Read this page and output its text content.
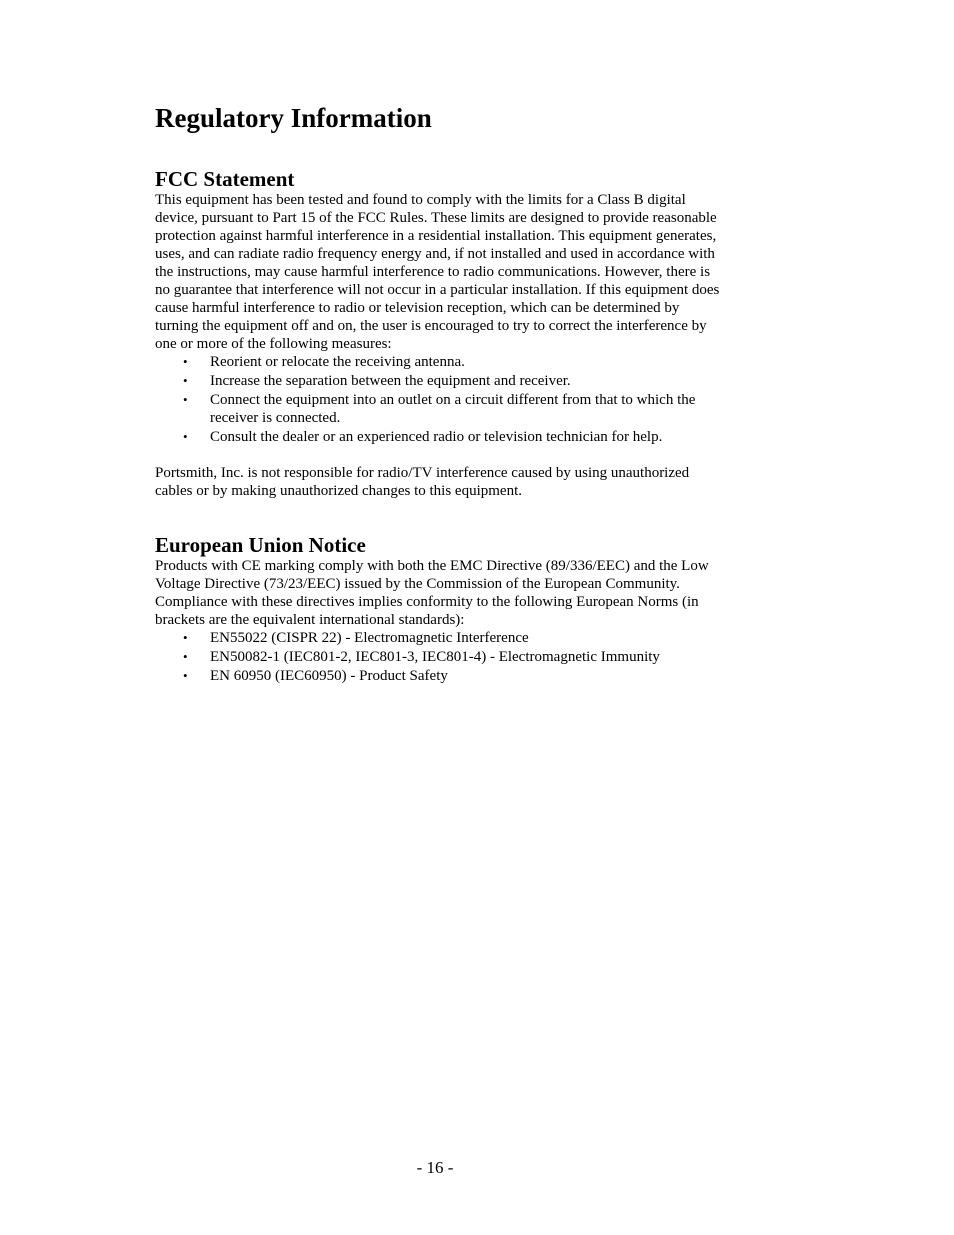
Regulatory Information
FCC Statement

This equipment has been tested and found to comply with the limits for a Class B digital device, pursuant to Part 15 of the FCC Rules. These limits are designed to provide reasonable protection against harmful interference in a residential installation. This equipment generates, uses, and can radiate radio frequency energy and, if not installed and used in accordance with the instructions, may cause harmful interference to radio communications. However, there is no guarantee that interference will not occur in a particular installation. If this equipment does cause harmful interference to radio or television reception, which can be determined by turning the equipment off and on, the user is encouraged to try to correct the interference by one or more of the following measures:

• Reorient or relocate the receiving antenna.
• Increase the separation between the equipment and receiver.
• Connect the equipment into an outlet on a circuit different from that to which the receiver is connected.
• Consult the dealer or an experienced radio or television technician for help.

Portsmith, Inc. is not responsible for radio/TV interference caused by using unauthorized cables or by making unauthorized changes to this equipment.

European Union Notice

Products with CE marking comply with both the EMC Directive (89/336/EEC) and the Low Voltage Directive (73/23/EEC) issued by the Commission of the European Community.

Compliance with these directives implies conformity to the following European Norms (in brackets are the equivalent international standards):

• EN55022 (CISPR 22) - Electromagnetic Interference
• EN50082-1 (IEC801-2, IEC801-3, IEC801-4) - Electromagnetic Immunity
• EN 60950 (IEC60950) - Product Safety
- 16 -
